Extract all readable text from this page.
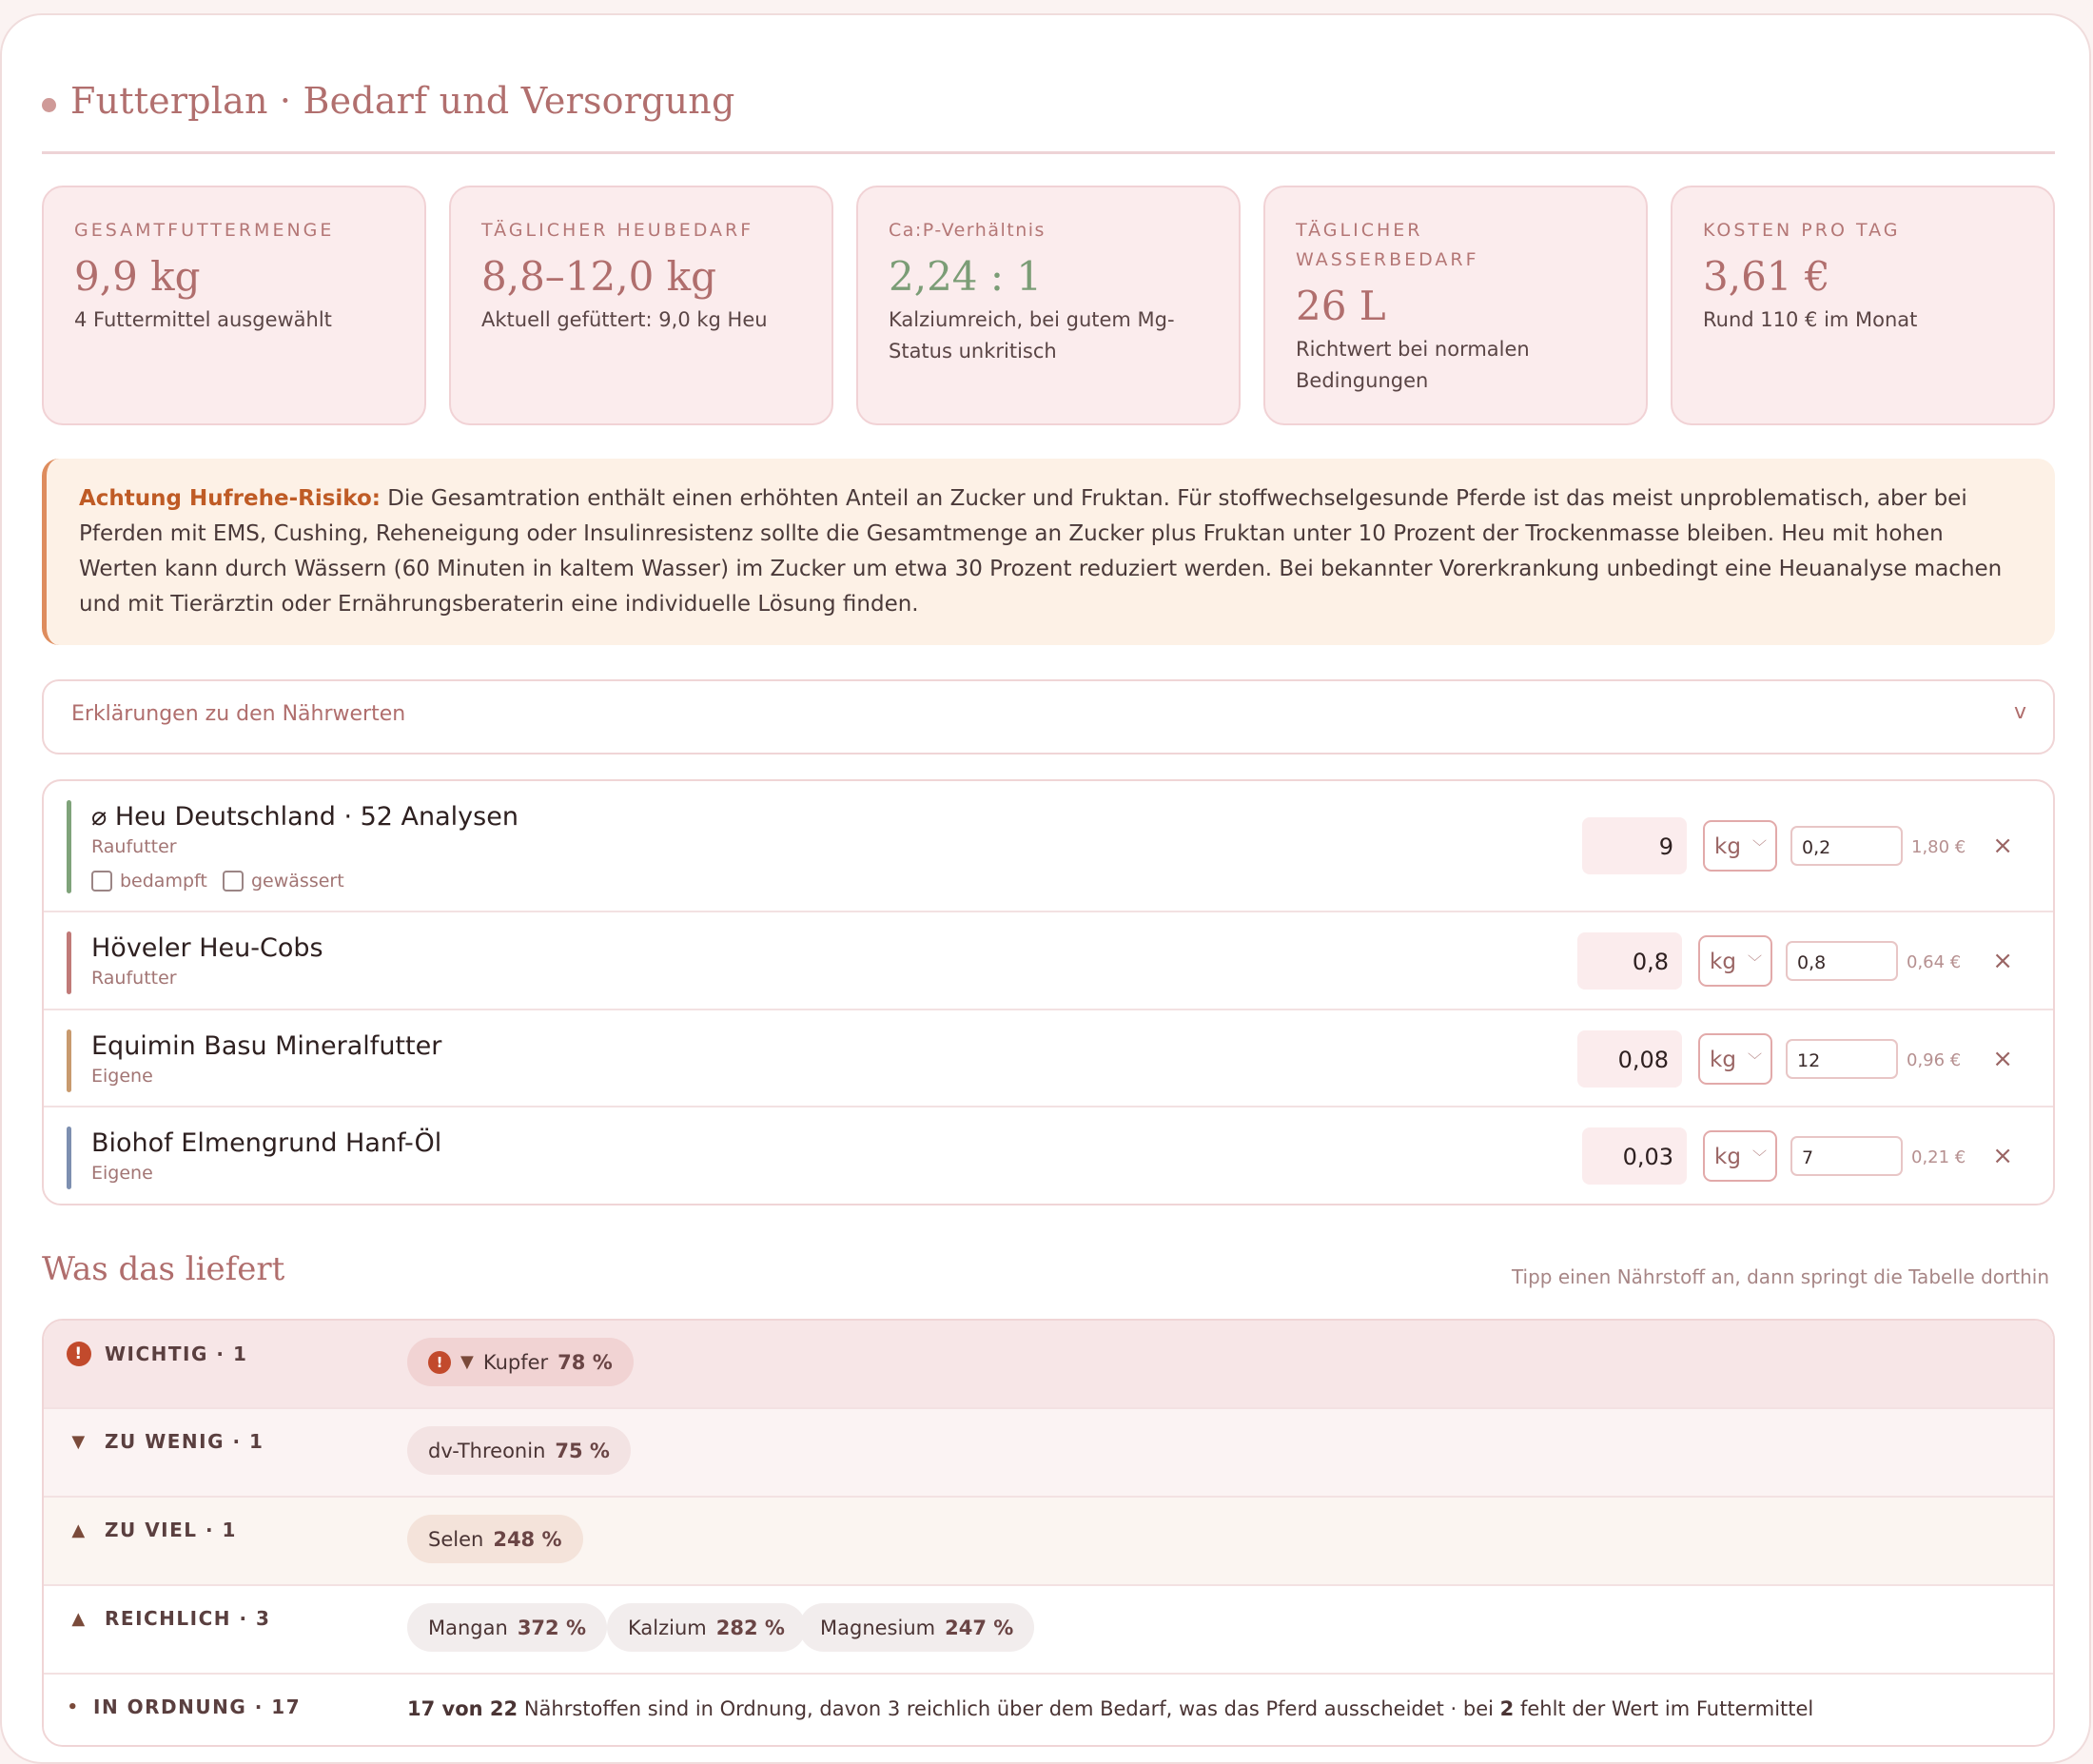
Futterplan · Bedarf und Versorgung
GESAMTFUTTERMENGE
9,9 kg
4 Futtermittel ausgewählt
TÄGLICHER HEUBEDARF
8,8–12,0 kg
Aktuell gefüttert: 9,0 kg Heu
Ca:P-Verhältnis
2,24 : 1
Kalziumreich, bei gutem Mg-Status unkritisch
TÄGLICHER WASSERBEDARF
26 L
Richtwert bei normalen Bedingungen
KOSTEN PRO TAG
3,61 €
Rund 110 € im Monat
Achtung Hufrehe-Risiko: Die Gesamtration enthält einen erhöhten Anteil an Zucker und Fruktan. Für stoffwechselgesunde Pferde ist das meist unproblematisch, aber bei Pferden mit EMS, Cushing, Reheneigung oder Insulinresistenz sollte die Gesamtmenge an Zucker plus Fruktan unter 10 Prozent der Trockenmasse bleiben. Heu mit hohen Werten kann durch Wässern (60 Minuten in kaltem Wasser) im Zucker um etwa 30 Prozent reduziert werden. Bei bekannter Vorerkrankung unbedingt eine Heuanalyse machen und mit Tierärztin oder Ernährungsberaterin eine individuelle Lösung finden.
Erklärungen zu den Nährwerten	v
⌀ Heu Deutschland · 52 Analysen
Raufutter
bedampft gewässert
9	kg ﹀	0,2	1,80 € ×
Höveler Heu-Cobs
Raufutter
0,8	kg ﹀	0,8	0,64 € ×
Equimin Basu Mineralfutter
Eigene
0,08	kg ﹀	12	0,96 € ×
Biohof Elmengrund Hanf-Öl
Eigene
0,03	kg ﹀	7	0,21 € ×
Was das liefert	Tipp einen Nährstoff an, dann springt die Tabelle dorthin
!	WICHTIG · 1	!	▼ Kupfer 78 %
▼ ZU WENIG · 1	dv-Threonin 75 %
▲ ZU VIEL · 1	Selen 248 %
▲ REICHLICH · 3	Mangan 372 % Kalzium 282 % Magnesium 247 %
• IN ORDNUNG · 17	17 von 22 Nährstoffen sind in Ordnung, davon 3 reichlich über dem Bedarf, was das Pferd ausscheidet · bei 2 fehlt der Wert im Futtermittel
